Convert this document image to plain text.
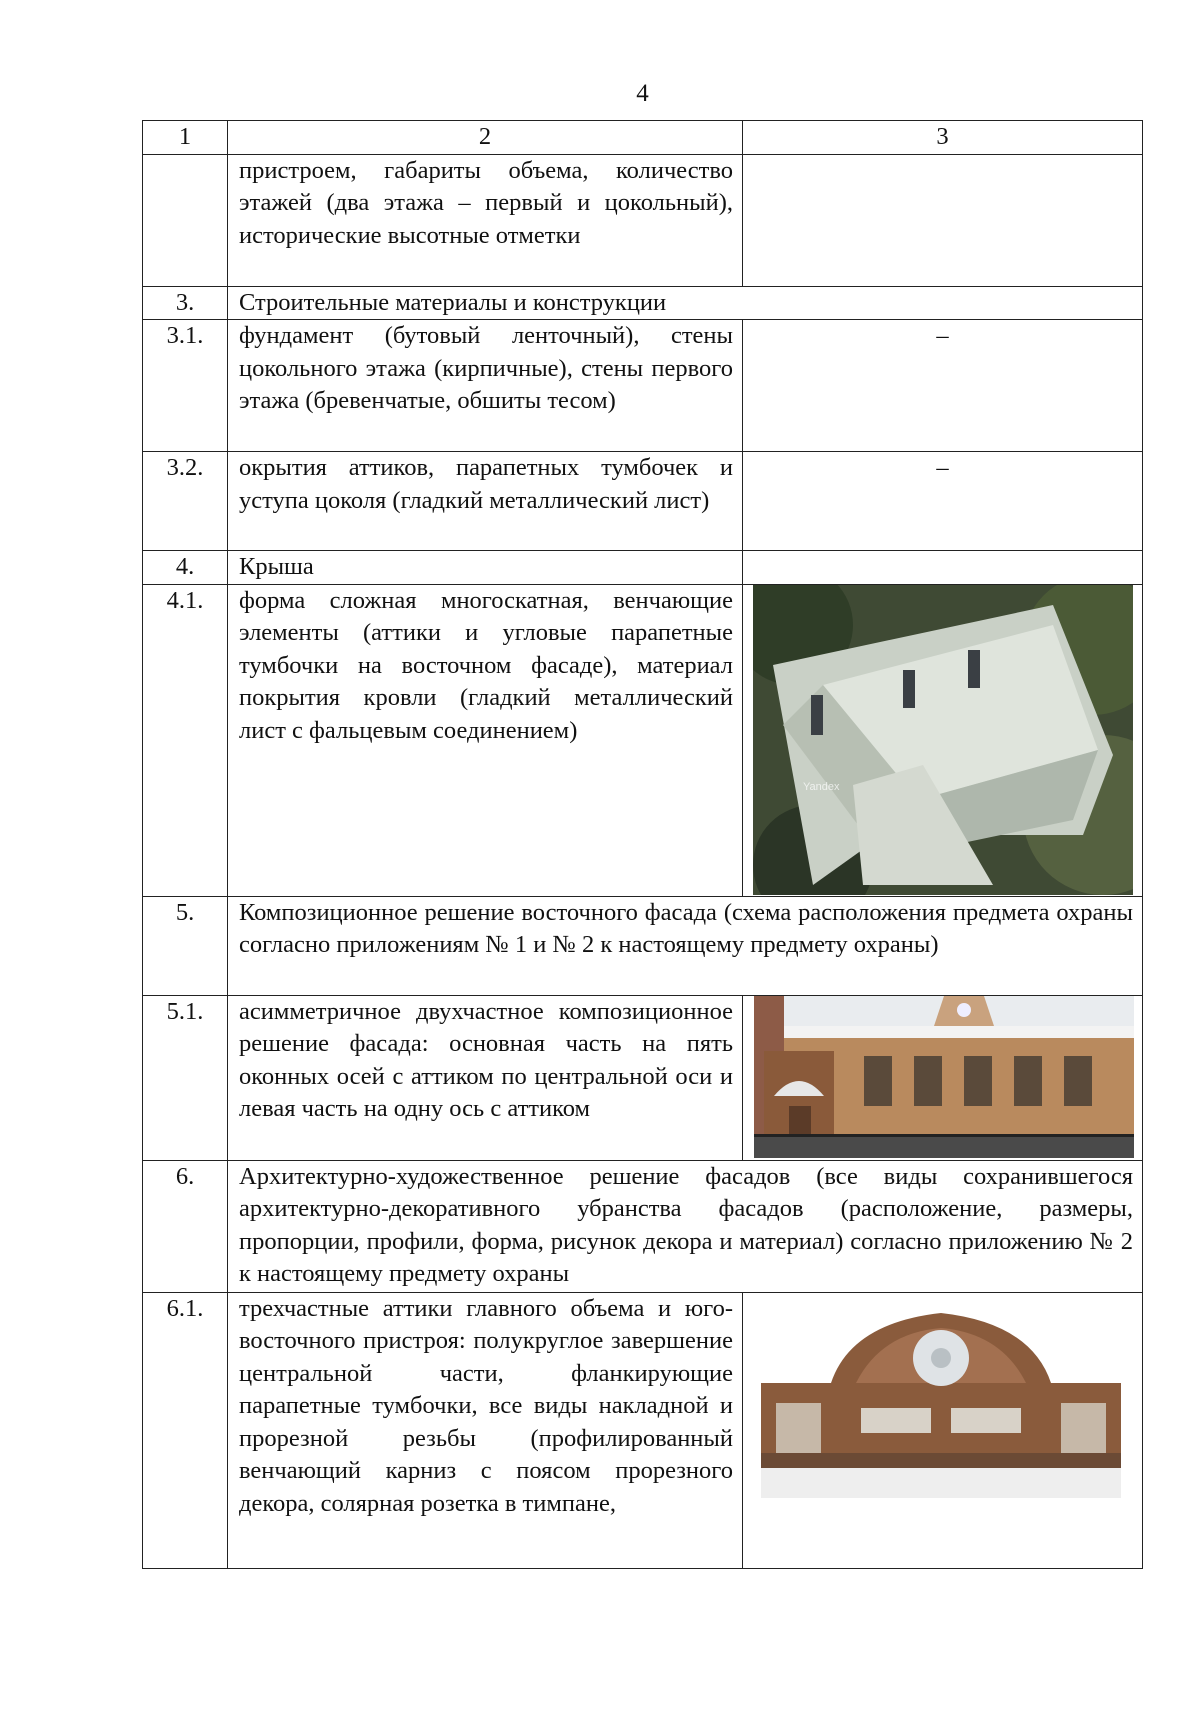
4
1	2	3
	пристроем, габариты объема, количество этажей (два этажа – первый и цокольный), исторические высотные отметки	
3.	Строительные материалы и конструкции	
3.1.	фундамент (бутовый ленточный), стены цокольного этажа (кирпичные), стены первого этажа (бревенчатые, обшиты тесом)	–
3.2.	окрытия аттиков, парапетных тумбочек и уступа цоколя (гладкий металлический лист)	–
4.	Крыша	
4.1.	форма сложная многоскатная, венчающие элементы (аттики и угловые парапетные тумбочки на восточном фасаде), материал покрытия кровли (гладкий металлический лист с фальцевым соединением)	Yandex

5.	Композиционное решение восточного фасада (схема расположения предмета охраны согласно приложениям № 1 и № 2 к настоящему предмету охраны)	
5.1.	асимметричное двухчастное композиционное решение фасада: основная часть на пять оконных осей с аттиком по центральной оси и левая часть на одну ось с аттиком	

6.	Архитектурно-художественное решение фасадов (все виды сохранившегося архитектурно-декоративного убранства фасадов (расположение, размеры, пропорции, профили, форма, рисунок декора и материал) согласно приложению № 2 к настоящему предмету охраны	
6.1.	трехчастные аттики главного объема и юго-восточного пристроя: полукруглое завершение центральной части, фланкирующие парапетные тумбочки, все виды накладной и прорезной резьбы (профилированный венчающий карниз с поясом прорезного декора, солярная розетка в тимпане,	
